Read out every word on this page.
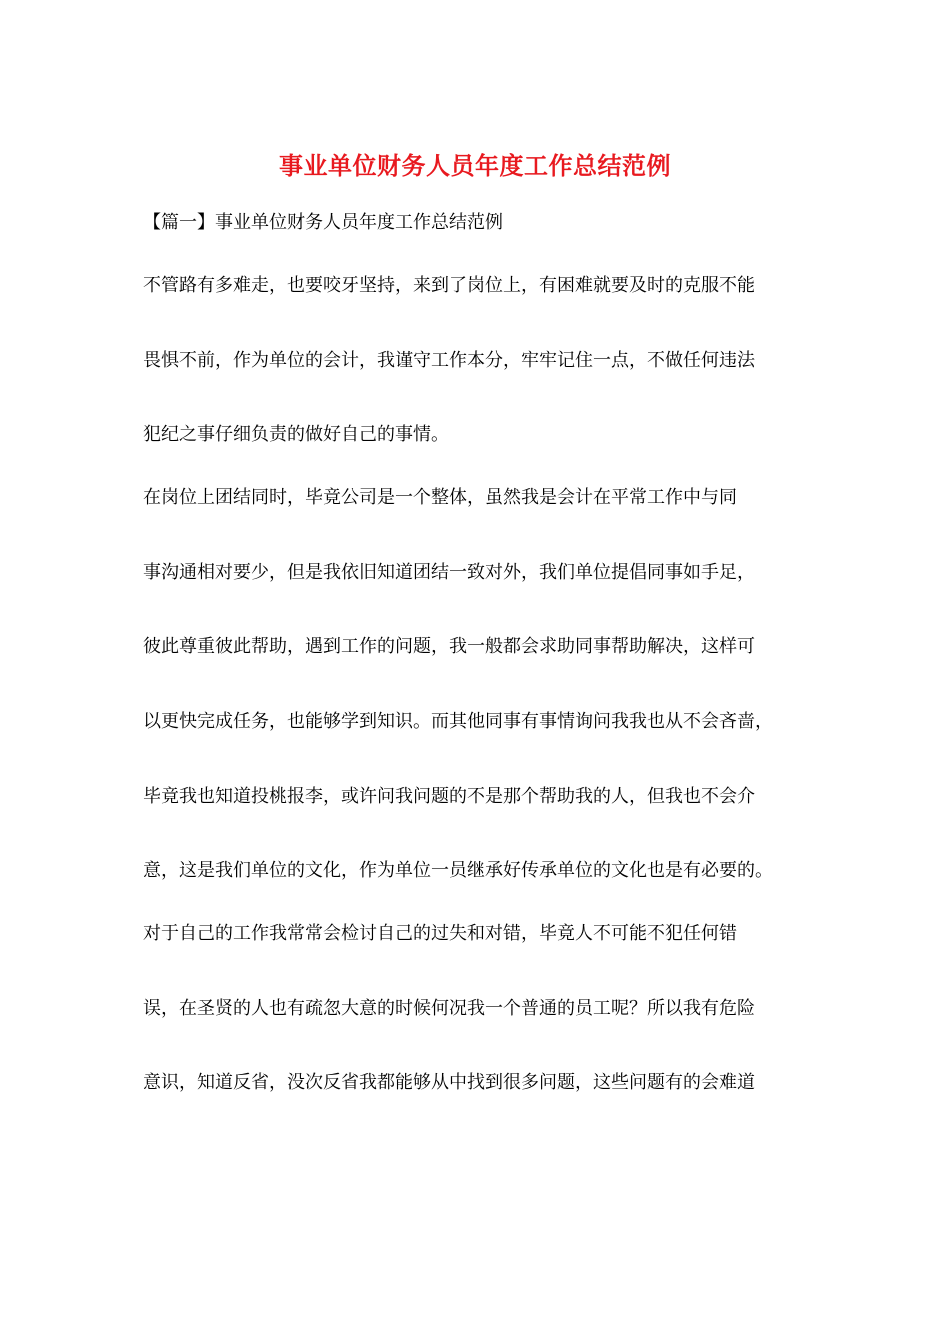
事业单位财务人员年度工作总结范例
【篇一】事业单位财务人员年度工作总结范例
不管路有多难走，也要咬牙坚持，来到了岗位上，有困难就要及时的克服不能
畏惧不前，作为单位的会计，我谨守工作本分，牢牢记住一点，不做任何违法
犯纪之事仔细负责的做好自己的事情。
在岗位上团结同时，毕竟公司是一个整体，虽然我是会计在平常工作中与同
事沟通相对要少，但是我依旧知道团结一致对外，我们单位提倡同事如手足，
彼此尊重彼此帮助，遇到工作的问题，我一般都会求助同事帮助解决，这样可
以更快完成任务，也能够学到知识。而其他同事有事情询问我我也从不会吝啬，
毕竟我也知道投桃报李，或许问我问题的不是那个帮助我的人，但我也不会介
意，这是我们单位的文化，作为单位一员继承好传承单位的文化也是有必要的。
对于自己的工作我常常会检讨自己的过失和对错，毕竟人不可能不犯任何错
误，在圣贤的人也有疏忽大意的时候何况我一个普通的员工呢？所以我有危险
意识，知道反省，没次反省我都能够从中找到很多问题，这些问题有的会难道
